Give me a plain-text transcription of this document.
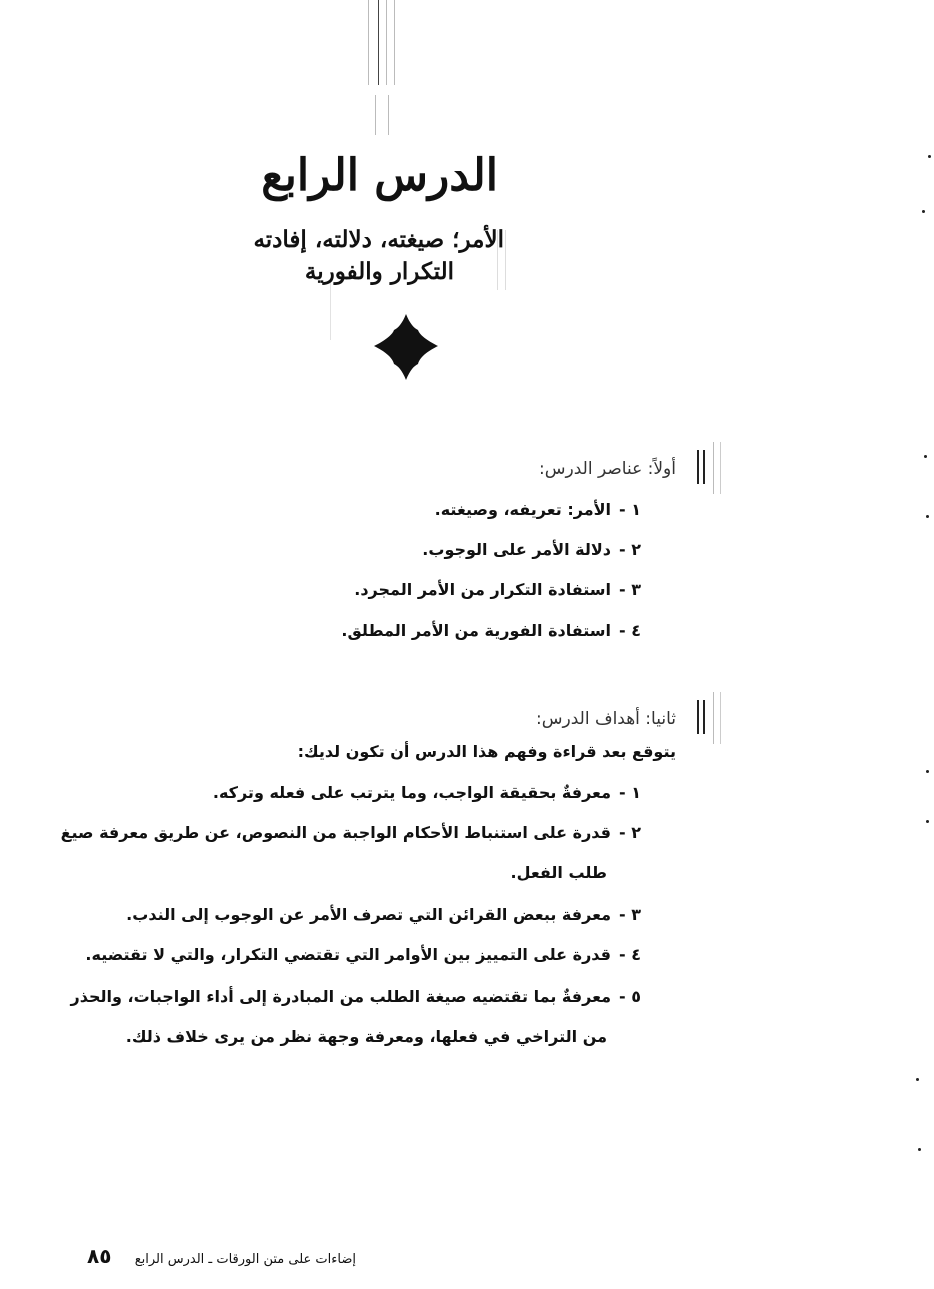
الدرس الرابع
الأمر؛ صيغته، دلالته، إفادته
التكرار والفورية
أولاً: عناصر الدرس:
١ -الأمر: تعريفه، وصيغته.
٢ -دلالة الأمر على الوجوب.
٣ -استفادة التكرار من الأمر المجرد.
٤ -استفادة الفورية من الأمر المطلق.
ثانيا: أهداف الدرس:
يتوقع بعد قراءة وفهم هذا الدرس أن تكون لديك:
١ -معرفةٌ بحقيقة الواجب، وما يترتب على فعله وتركه.
٢ -قدرة على استنباط الأحكام الواجبة من النصوص، عن طريق معرفة صيغ
طلب الفعل.
٣ -معرفة ببعض القرائن التي تصرف الأمر عن الوجوب إلى الندب.
٤ -قدرة على التمييز بين الأوامر التي تقتضي التكرار، والتي لا تقتضيه.
٥ -معرفةٌ بما تقتضيه صيغة الطلب من المبادرة إلى أداء الواجبات، والحذر
من التراخي في فعلها، ومعرفة وجهة نظر من يرى خلاف ذلك.
إضاءات على متن الورقات ـ الدرس الرابع
٨٥
